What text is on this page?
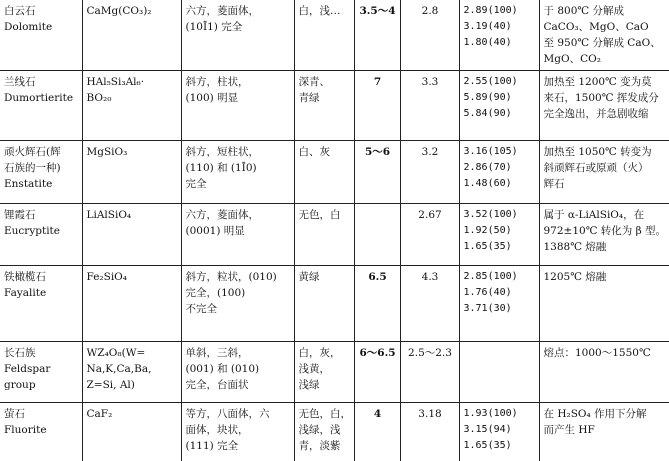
白云石
Dolomite	CaMg(CO₃)₂	六方，菱面体，
(10Ī1) 完全	白，浅…	3.5～4	2.8	2.89(100)
3.19(40)
1.80(40)	于 800℃ 分解成
CaCO₃、MgO、CaO
至 950℃ 分解成 CaO、
MgO、CO₂

兰线石
Dumortierite	HAl₅Si₃Al₆·
BO₂₀	斜方，柱状，
(100) 明显	深青、
青绿	7	3.3	2.55(100)
5.89(90)
5.84(90)	加热至 1200℃ 变为莫
来石，1500℃ 挥发成分
完全逸出，并急剧收缩

顽火辉石(辉
石族的一种)
Enstatite	MgSiO₃	斜方，短柱状，
(110) 和 (1Ī0)
完全	白、灰	5～6	3.2	3.16(105)
2.86(70)
1.48(60)	加热至 1050℃ 转变为
斜顽辉石或原顽（火）
辉石

锂霞石
Eucryptite	LiAlSiO₄	六方，菱面体，
(0001) 明显	无色，白		2.67	3.52(100)
1.92(50)
1.65(35)	属于 α-LiAlSiO₄，在
972±10℃ 转化为 β 型。
1388℃ 熔融

铁橄榄石
Fayalite	Fe₂SiO₄	斜方，粒状，(010)
完全，(100)
不完全	黄绿	6.5	4.3	2.85(100)
1.76(40)
3.71(30)	1205℃ 熔融

长石族
Feldspar
group	WZ₄O₈(W=
Na,K,Ca,Ba,
Z=Si, Al)	单斜，三斜，
(001) 和 (010)
完全，台面状	白，灰，
浅黄，
浅绿	6～6.5	2.5～2.3		熔点：1000～1550℃

萤石
Fluorite	CaF₂	等方，八面体，六
面体，块状，
(111) 完全	无色，白，
浅绿，浅
青，淡紫	4	3.18	1.93(100)
3.15(94)
1.65(35)	在 H₂SO₄ 作用下分解
而产生 HF
